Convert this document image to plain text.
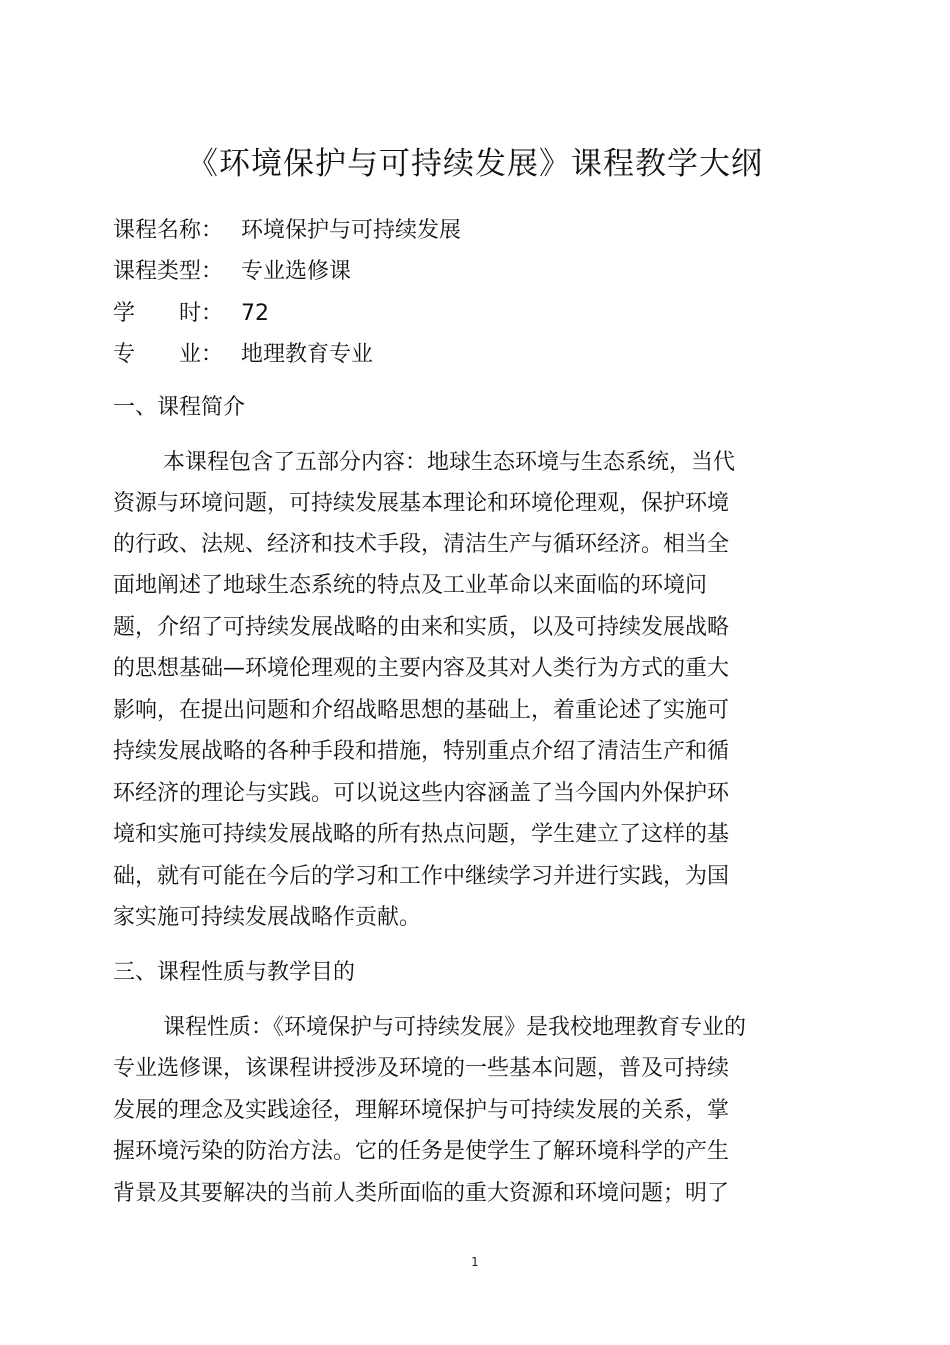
《环境保护与可持续发展》课程教学大纲
课程名称： 环境保护与可持续发展
课程类型： 专业选修课
学　　时： 72
专　　业： 地理教育专业
一、课程简介
本课程包含了五部分内容：地球生态环境与生态系统，当代
资源与环境问题，可持续发展基本理论和环境伦理观，保护环境
的行政、法规、经济和技术手段，清洁生产与循环经济。相当全
面地阐述了地球生态系统的特点及工业革命以来面临的环境问
题，介绍了可持续发展战略的由来和实质，以及可持续发展战略
的思想基础—环境伦理观的主要内容及其对人类行为方式的重大
影响，在提出问题和介绍战略思想的基础上，着重论述了实施可
持续发展战略的各种手段和措施，特别重点介绍了清洁生产和循
环经济的理论与实践。可以说这些内容涵盖了当今国内外保护环
境和实施可持续发展战略的所有热点问题，学生建立了这样的基
础，就有可能在今后的学习和工作中继续学习并进行实践，为国
家实施可持续发展战略作贡献。
三、课程性质与教学目的
课程性质：《环境保护与可持续发展》是我校地理教育专业的
专业选修课，该课程讲授涉及环境的一些基本问题，普及可持续
发展的理念及实践途径，理解环境保护与可持续发展的关系，掌
握环境污染的防治方法。它的任务是使学生了解环境科学的产生
背景及其要解决的当前人类所面临的重大资源和环境问题；明了
1
